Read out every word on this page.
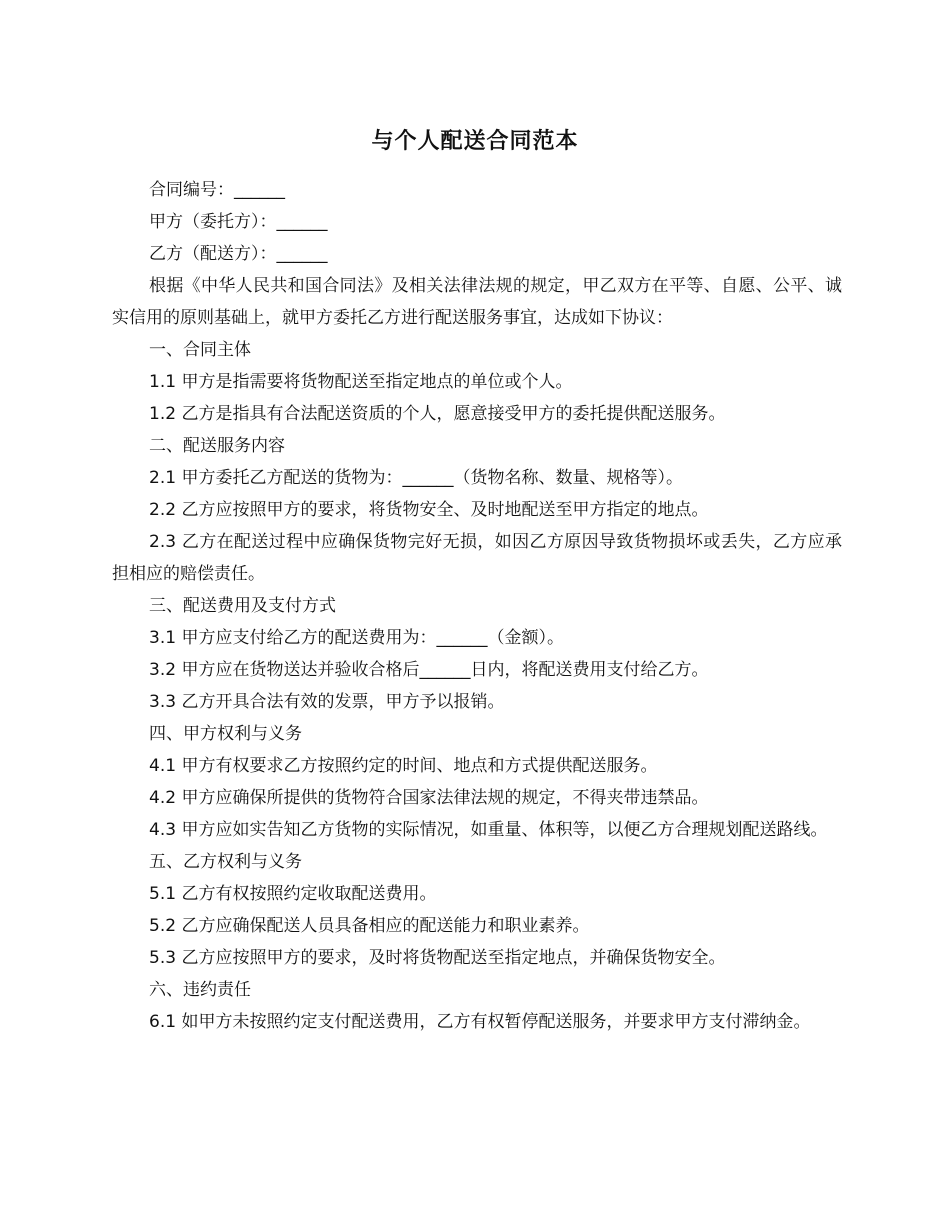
与个人配送合同范本

合同编号：______

甲方（委托方）：______

乙方（配送方）：______

根据《中华人民共和国合同法》及相关法律法规的规定，甲乙双方在平等、自愿、公平、诚实信用的原则基础上，就甲方委托乙方进行配送服务事宜，达成如下协议：

一、合同主体

1.1 甲方是指需要将货物配送至指定地点的单位或个人。

1.2 乙方是指具有合法配送资质的个人，愿意接受甲方的委托提供配送服务。

二、配送服务内容

2.1 甲方委托乙方配送的货物为：______（货物名称、数量、规格等）。

2.2 乙方应按照甲方的要求，将货物安全、及时地配送至甲方指定的地点。

2.3 乙方在配送过程中应确保货物完好无损，如因乙方原因导致货物损坏或丢失，乙方应承担相应的赔偿责任。

三、配送费用及支付方式

3.1 甲方应支付给乙方的配送费用为：______（金额）。

3.2 甲方应在货物送达并验收合格后______日内，将配送费用支付给乙方。

3.3 乙方开具合法有效的发票，甲方予以报销。

四、甲方权利与义务

4.1 甲方有权要求乙方按照约定的时间、地点和方式提供配送服务。

4.2 甲方应确保所提供的货物符合国家法律法规的规定，不得夹带违禁品。

4.3 甲方应如实告知乙方货物的实际情况，如重量、体积等，以便乙方合理规划配送路线。

五、乙方权利与义务

5.1 乙方有权按照约定收取配送费用。

5.2 乙方应确保配送人员具备相应的配送能力和职业素养。

5.3 乙方应按照甲方的要求，及时将货物配送至指定地点，并确保货物安全。

六、违约责任

6.1 如甲方未按照约定支付配送费用，乙方有权暂停配送服务，并要求甲方支付滞纳金。
